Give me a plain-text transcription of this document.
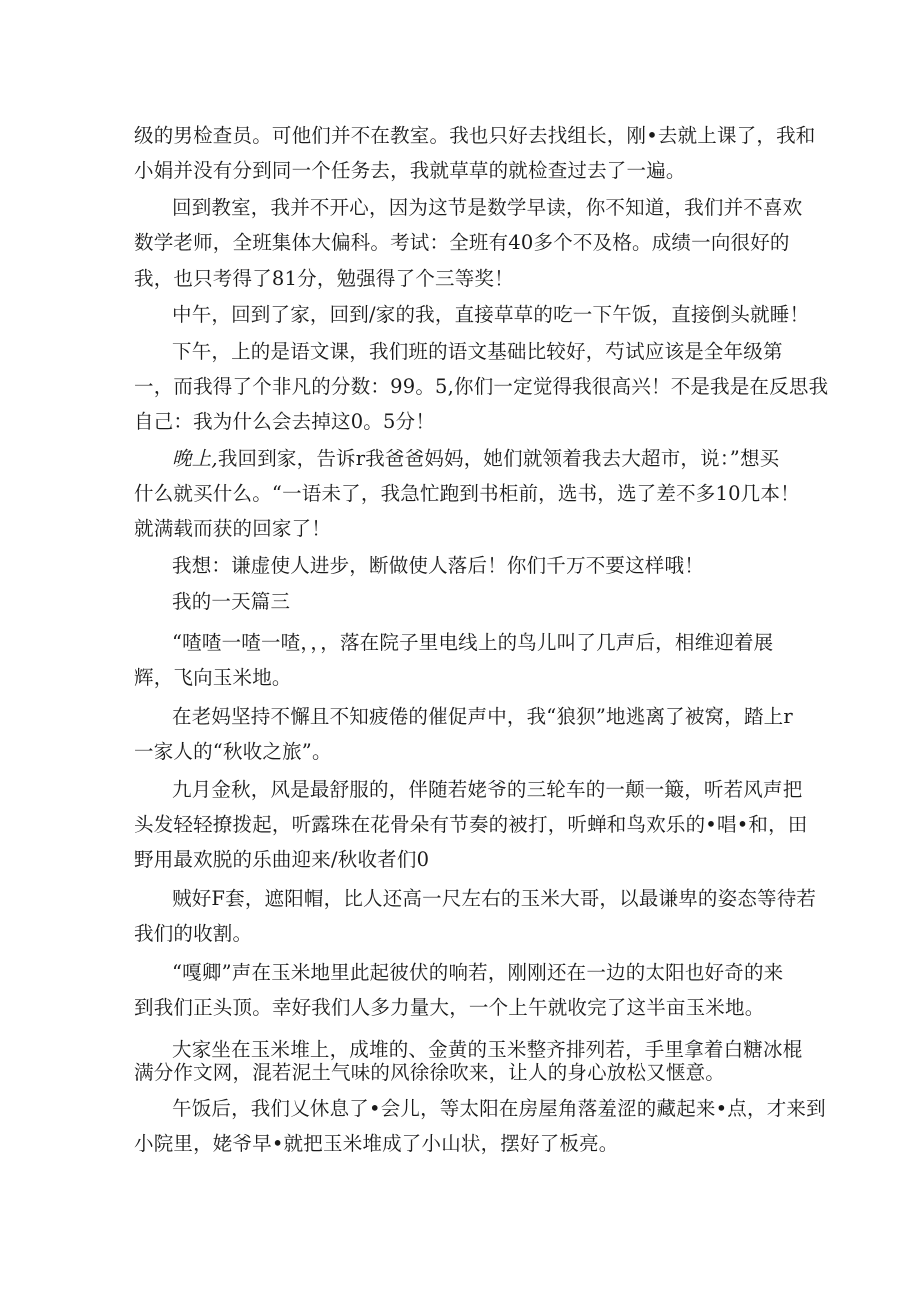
级的男检查员。可他们并不在教室。我也只好去找组长，刚•去就上课了，我和
小娟并没有分到同一个任务去，我就草草的就检查过去了一遍。
回到教室，我并不开心，因为这节是数学早读，你不知道，我们并不喜欢
数学老师，全班集体大偏科。考试：全班有40多个不及格。成绩一向很好的
我，也只考得了81分，勉强得了个三等奖！
中午，回到了家，回到/家的我，直接草草的吃一下午饭，直接倒头就睡！
下午，上的是语文课，我们班的语文基础比较好，芍试应该是全年级第
一，而我得了个非凡的分数：99。5,你们一定觉得我很高兴！不是我是在反思我
自己：我为什么会去掉这0。5分！
晚上,我回到家，告诉r我爸爸妈妈，她们就领着我去大超市，说：”想买
什么就买什么。“一语未了，我急忙跑到书柜前，选书，选了差不多10几本！
就满载而获的回家了！
我想：谦虚使人进步，断做使人落后！你们千万不要这样哦！
我的一天篇三
“喳喳一喳一喳，，，落在院子里电线上的鸟儿叫了几声后，相维迎着展
辉，飞向玉米地。
在老妈坚持不懈且不知疲倦的催促声中，我“狼狈”地逃离了被窝，踏上r
一家人的“秋收之旅”。
九月金秋，风是最舒服的，伴随若姥爷的三轮车的一颠一簸，听若风声把
头发轻轻撩拨起，听露珠在花骨朵有节奏的被打，听蝉和鸟欢乐的•唱•和，田
野用最欢脱的乐曲迎来/秋收者们0
贼好F套，遮阳帽，比人还高一尺左右的玉米大哥，以最谦卑的姿态等待若
我们的收割。
“嘎卿”声在玉米地里此起彼伏的响若，刚刚还在一边的太阳也好奇的来
到我们正头顶。幸好我们人多力量大，一个上午就收完了这半亩玉米地。
大家坐在玉米堆上，成堆的、金黄的玉米整齐排列若，手里拿着白糖冰棍
满分作文网，混若泥土气味的风徐徐吹来，让人的身心放松又惬意。
午饭后，我们乂休息了•会儿，等太阳在房屋角落羞涩的藏起来•点，才来到
小院里，姥爷早•就把玉米堆成了小山状，摆好了板亮。
